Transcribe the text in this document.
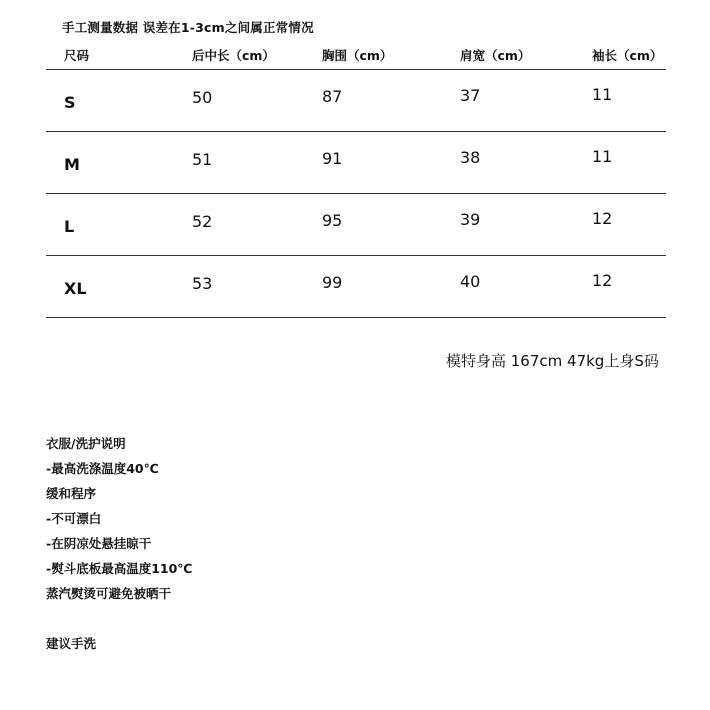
手工测量数据 误差在1-3cm之间属正常情况
尺码	后中长（cm）	胸围（cm）	肩宽（cm）	袖长（cm）
S	50	87	37	11
M	51	91	38	11
L	52	95	39	12
XL	53	99	40	12
模特身高 167cm 47kg上身S码
衣服/洗护说明
-最高洗涤温度40℃
缓和程序
-不可漂白
-在阴凉处悬挂晾干
-熨斗底板最高温度110℃
蒸汽熨烫可避免被晒干
建议手洗
